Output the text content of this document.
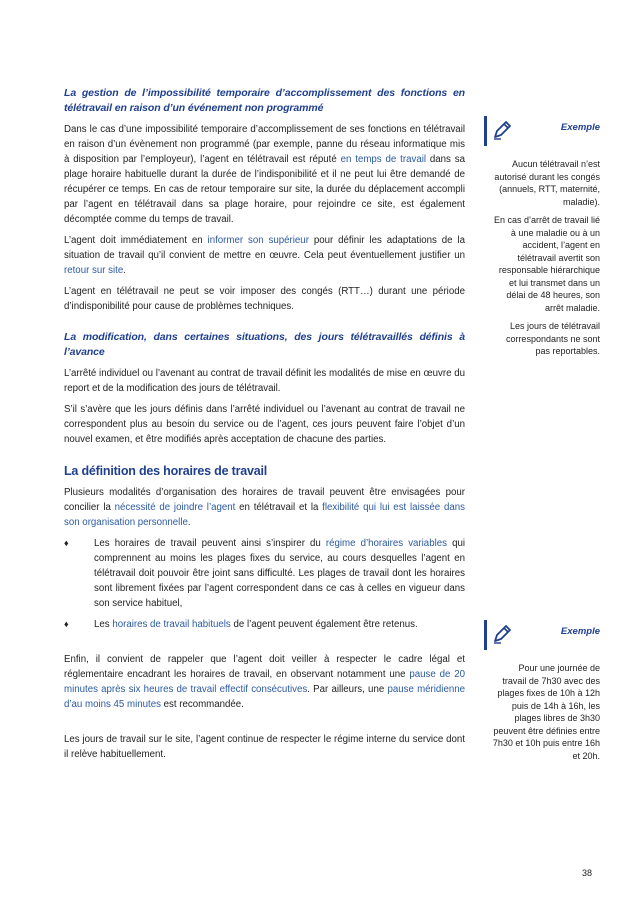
La gestion de l’impossibilité temporaire d’accomplissement des fonctions en télétravail en raison d’un événement non programmé

Dans le cas d’une impossibilité temporaire d’accomplissement de ses fonctions en télétravail en raison d’un évènement non programmé (par exemple, panne du réseau informatique mis à disposition par l’employeur), l’agent en télétravail est réputé en temps de travail dans sa plage horaire habituelle durant la durée de l’indisponibilité et il ne peut lui être demandé de récupérer ce temps. En cas de retour temporaire sur site, la durée du déplacement accompli par l’agent en télétravail dans sa plage horaire, pour rejoindre ce site, est également décomptée comme du temps de travail.

L’agent doit immédiatement en informer son supérieur pour définir les adaptations de la situation de travail qu’il convient de mettre en œuvre. Cela peut éventuellement justifier un retour sur site.

L’agent en télétravail ne peut se voir imposer des congés (RTT…) durant une période d’indisponibilité pour cause de problèmes techniques.

La modification, dans certaines situations, des jours télétravaillés définis à l’avance

L’arrêté individuel ou l’avenant au contrat de travail définit les modalités de mise en œuvre du report et de la modification des jours de télétravail.

S’il s’avère que les jours définis dans l’arrêté individuel ou l’avenant au contrat de travail ne correspondent plus au besoin du service ou de l’agent, ces jours peuvent faire l’objet d’un nouvel examen, et être modifiés après acceptation de chacune des parties.

La définition des horaires de travail

Plusieurs modalités d’organisation des horaires de travail peuvent être envisagées pour concilier la nécessité de joindre l’agent en télétravail et la flexibilité qui lui est laissée dans son organisation personnelle.

♦	Les horaires de travail peuvent ainsi s’inspirer du régime d’horaires variables qui comprennent au moins les plages fixes du service, au cours desquelles l’agent en télétravail doit pouvoir être joint sans difficulté. Les plages de travail dont les horaires sont librement fixées par l’agent correspondent dans ce cas à celles en vigueur dans son service habituel,
♦	Les horaires de travail habituels de l’agent peuvent également être retenus.

Enfin, il convient de rappeler que l’agent doit veiller à respecter le cadre légal et réglementaire encadrant les horaires de travail, en observant notamment une pause de 20 minutes après six heures de travail effectif consécutives. Par ailleurs, une pause méridienne d’au moins 45 minutes est recommandée.

Les jours de travail sur le site, l’agent continue de respecter le régime interne du service dont il relève habituellement.

Exemple

Aucun télétravail n’est autorisé durant les congés (annuels, RTT, maternité, maladie).

En cas d’arrêt de travail lié à une maladie ou à un accident, l’agent en télétravail avertit son responsable hiérarchique et lui transmet dans un délai de 48 heures, son arrêt maladie.

Les jours de télétravail correspondants ne sont pas reportables.

Exemple

Pour une journée de travail de 7h30 avec des plages fixes de 10h à 12h puis de 14h à 16h, les plages libres de 3h30 peuvent être définies entre 7h30 et 10h puis entre 16h et 20h.

38
